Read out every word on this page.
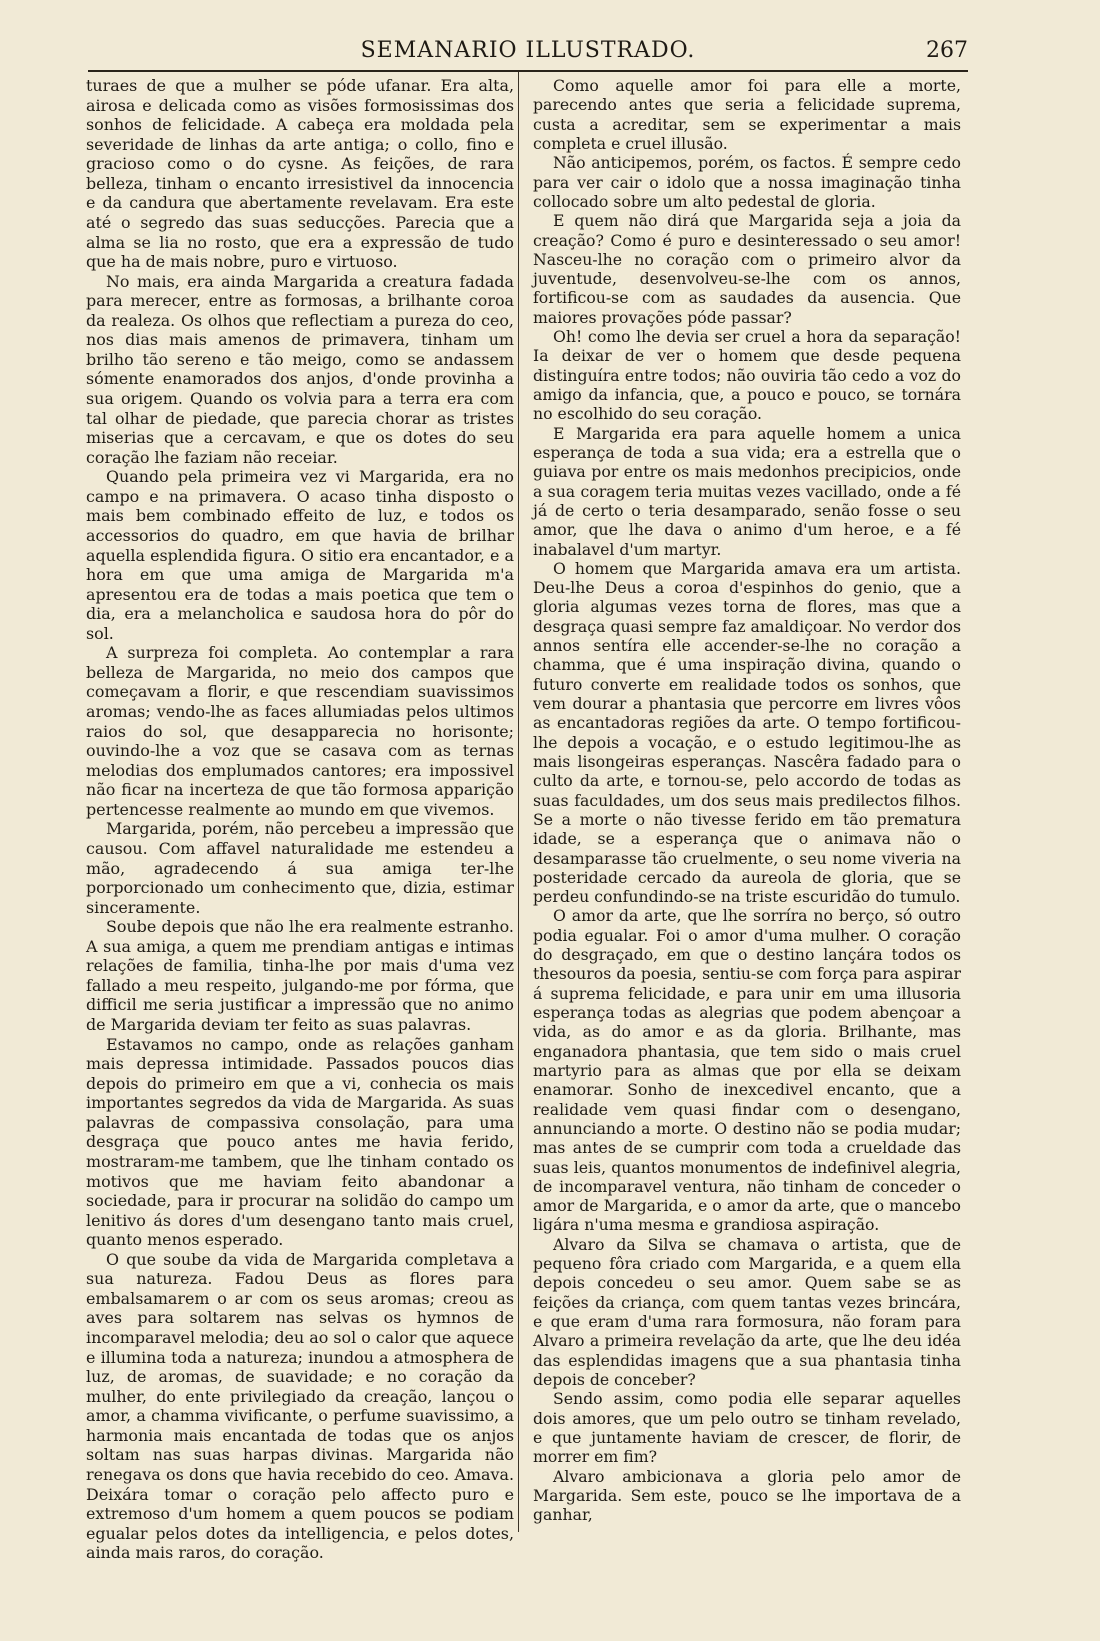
SEMANARIO ILLUSTRADO.	267

turaes de que a mulher se póde ufanar. Era alta, airosa e delicada como as visões formosissimas dos sonhos de felicidade. A cabeça era moldada pela severidade de linhas da arte antiga; o collo, fino e gracioso como o do cysne. As feições, de rara belleza, tinham o encanto irresistivel da innocencia e da candura que abertamente revelavam. Era este até o segredo das suas seducções. Parecia que a alma se lia no rosto, que era a expressão de tudo que ha de mais nobre, puro e virtuoso.

No mais, era ainda Margarida a creatura fadada para merecer, entre as formosas, a brilhante coroa da realeza. Os olhos que reflectiam a pureza do ceo, nos dias mais amenos de primavera, tinham um brilho tão sereno e tão meigo, como se andassem sómente enamorados dos anjos, d'onde provinha a sua origem. Quando os volvia para a terra era com tal olhar de piedade, que parecia chorar as tristes miserias que a cercavam, e que os dotes do seu coração lhe faziam não receiar.

Quando pela primeira vez vi Margarida, era no campo e na primavera. O acaso tinha disposto o mais bem combinado effeito de luz, e todos os accessorios do quadro, em que havia de brilhar aquella esplendida figura. O sitio era encantador, e a hora em que uma amiga de Margarida m'a apresentou era de todas a mais poetica que tem o dia, era a melancholica e saudosa hora do pôr do sol.

A surpreza foi completa. Ao contemplar a rara belleza de Margarida, no meio dos campos que começavam a florir, e que rescendiam suavissimos aromas; vendo-lhe as faces allumiadas pelos ultimos raios do sol, que desapparecia no horisonte; ouvindo-lhe a voz que se casava com as ternas melodias dos emplumados cantores; era impossivel não ficar na incerteza de que tão formosa apparição pertencesse realmente ao mundo em que vivemos.

Margarida, porém, não percebeu a impressão que causou. Com affavel naturalidade me estendeu a mão, agradecendo á sua amiga ter-lhe porporcionado um conhecimento que, dizia, estimar sinceramente.

Soube depois que não lhe era realmente estranho. A sua amiga, a quem me prendiam antigas e intimas relações de familia, tinha-lhe por mais d'uma vez fallado a meu respeito, julgando-me por fórma, que difficil me seria justificar a impressão que no animo de Margarida deviam ter feito as suas palavras.

Estavamos no campo, onde as relações ganham mais depressa intimidade. Passados poucos dias depois do primeiro em que a vi, conhecia os mais importantes segredos da vida de Margarida. As suas palavras de compassiva consolação, para uma desgraça que pouco antes me havia ferido, mostraram-me tambem, que lhe tinham contado os motivos que me haviam feito abandonar a sociedade, para ir procurar na solidão do campo um lenitivo ás dores d'um desengano tanto mais cruel, quanto menos esperado.

O que soube da vida de Margarida completava a sua natureza. Fadou Deus as flores para embalsamarem o ar com os seus aromas; creou as aves para soltarem nas selvas os hymnos de incomparavel melodia; deu ao sol o calor que aquece e illumina toda a natureza; inundou a atmosphera de luz, de aromas, de suavidade; e no coração da mulher, do ente privilegiado da creação, lançou o amor, a chamma vivificante, o perfume suavissimo, a harmonia mais encantada de todas que os anjos soltam nas suas harpas divinas. Margarida não renegava os dons que havia recebido do ceo. Amava. Deixára tomar o coração pelo affecto puro e extremoso d'um homem a quem poucos se podiam egualar pelos dotes da intelligencia, e pelos dotes, ainda mais raros, do coração.

Como aquelle amor foi para elle a morte, parecendo antes que seria a felicidade suprema, custa a acreditar, sem se experimentar a mais completa e cruel illusão.

Não anticipemos, porém, os factos. É sempre cedo para ver cair o idolo que a nossa imaginação tinha collocado sobre um alto pedestal de gloria.

E quem não dirá que Margarida seja a joia da creação? Como é puro e desinteressado o seu amor! Nasceu-lhe no coração com o primeiro alvor da juventude, desenvolveu-se-lhe com os annos, fortificou-se com as saudades da ausencia. Que maiores provações póde passar?

Oh! como lhe devia ser cruel a hora da separação! Ia deixar de ver o homem que desde pequena distinguíra entre todos; não ouviria tão cedo a voz do amigo da infancia, que, a pouco e pouco, se tornára no escolhido do seu coração.

E Margarida era para aquelle homem a unica esperança de toda a sua vida; era a estrella que o guiava por entre os mais medonhos precipicios, onde a sua coragem teria muitas vezes vacillado, onde a fé já de certo o teria desamparado, senão fosse o seu amor, que lhe dava o animo d'um heroe, e a fé inabalavel d'um martyr.

O homem que Margarida amava era um artista. Deu-lhe Deus a coroa d'espinhos do genio, que a gloria algumas vezes torna de flores, mas que a desgraça quasi sempre faz amaldiçoar. No verdor dos annos sentíra elle accender-se-lhe no coração a chamma, que é uma inspiração divina, quando o futuro converte em realidade todos os sonhos, que vem dourar a phantasia que percorre em livres vôos as encantadoras regiões da arte. O tempo fortificou-lhe depois a vocação, e o estudo legitimou-lhe as mais lisongeiras esperanças. Nascêra fadado para o culto da arte, e tornou-se, pelo accordo de todas as suas faculdades, um dos seus mais predilectos filhos. Se a morte o não tivesse ferido em tão prematura idade, se a esperança que o animava não o desamparasse tão cruelmente, o seu nome viveria na posteridade cercado da aureola de gloria, que se perdeu confundindo-se na triste escuridão do tumulo.

O amor da arte, que lhe sorríra no berço, só outro podia egualar. Foi o amor d'uma mulher. O coração do desgraçado, em que o destino lançára todos os thesouros da poesia, sentiu-se com força para aspirar á suprema felicidade, e para unir em uma illusoria esperança todas as alegrias que podem abençoar a vida, as do amor e as da gloria. Brilhante, mas enganadora phantasia, que tem sido o mais cruel martyrio para as almas que por ella se deixam enamorar. Sonho de inexcedivel encanto, que a realidade vem quasi findar com o desengano, annunciando a morte. O destino não se podia mudar; mas antes de se cumprir com toda a crueldade das suas leis, quantos monumentos de indefinivel alegria, de incomparavel ventura, não tinham de conceder o amor de Margarida, e o amor da arte, que o mancebo ligára n'uma mesma e grandiosa aspiração.

Alvaro da Silva se chamava o artista, que de pequeno fôra criado com Margarida, e a quem ella depois concedeu o seu amor. Quem sabe se as feições da criança, com quem tantas vezes brincára, e que eram d'uma rara formosura, não foram para Alvaro a primeira revelação da arte, que lhe deu idéa das esplendidas imagens que a sua phantasia tinha depois de conceber?

Sendo assim, como podia elle separar aquelles dois amores, que um pelo outro se tinham revelado, e que juntamente haviam de crescer, de florir, de morrer em fim?

Alvaro ambicionava a gloria pelo amor de Margarida. Sem este, pouco se lhe importava de a ganhar,
